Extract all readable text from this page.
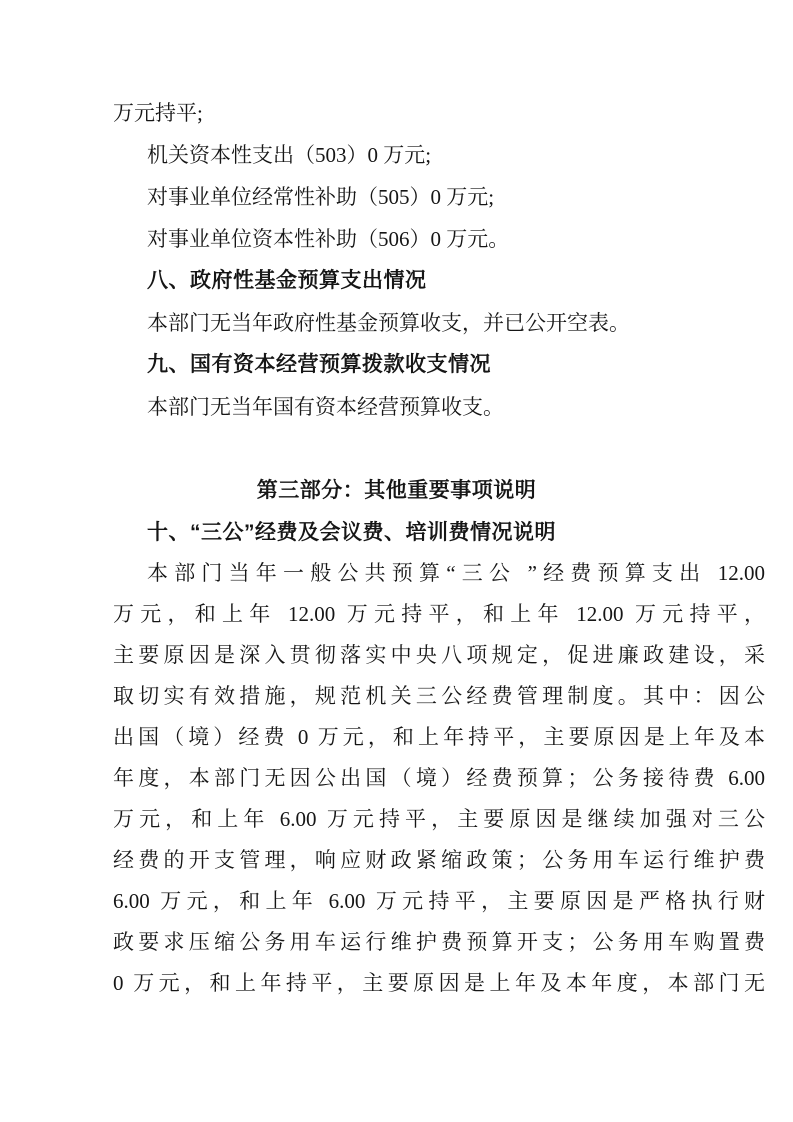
万元持平;
机关资本性支出（503）0 万元;
对事业单位经常性补助（505）0 万元;
对事业单位资本性补助（506）0 万元。
八、政府性基金预算支出情况
本部门无当年政府性基金预算收支，并已公开空表。
九、国有资本经营预算拨款收支情况
本部门无当年国有资本经营预算收支。
第三部分：其他重要事项说明
十、“三公”经费及会议费、培训费情况说明
本部门当年一般公共预算“三公 ”经费预算支出 12.00
万元，和上年 12.00 万元持平，和上年 12.00 万元持平，
主要原因是深入贯彻落实中央八项规定，促进廉政建设，采
取切实有效措施，规范机关三公经费管理制度。其中：因公
出国（境）经费 0 万元，和上年持平，主要原因是上年及本
年度，本部门无因公出国（境）经费预算；公务接待费 6.00
万元，和上年 6.00 万元持平，主要原因是继续加强对三公
经费的开支管理，响应财政紧缩政策；公务用车运行维护费
6.00 万元，和上年 6.00 万元持平，主要原因是严格执行财
政要求压缩公务用车运行维护费预算开支；公务用车购置费
0 万元，和上年持平，主要原因是上年及本年度，本部门无
